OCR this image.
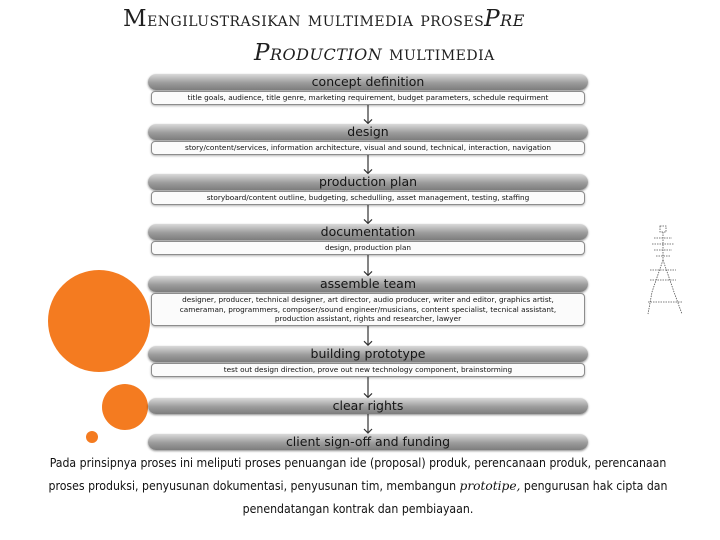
Mengilustrasikan multimedia prosesPre
Production multimedia
concept definition
title goals, audience, title genre, marketing requirement, budget parameters, schedule requirment
design
story/content/services, information architecture, visual and sound, technical, interaction, navigation
production plan
storyboard/content outline, budgeting, schedulling, asset management, testing, staffing
documentation
design, production plan
assemble team
designer, producer, technical designer, art director, audio producer, writer and editor, graphics artist,
cameraman, programmers, composer/sound engineer/musicians, content specialist, tecnical assistant,
production assistant, rights and researcher, lawyer
building prototype
test out design direction, prove out new technology component, brainstorming
clear rights
client sign-off and funding
Pada prinsipnya proses ini meliputi proses penuangan ide (proposal) produk, perencanaan produk, perencanaan proses produksi, penyusunan dokumentasi, penyusunan tim, membangun prototipe, pengurusan hak cipta dan penendatangan kontrak dan pembiayaan.
